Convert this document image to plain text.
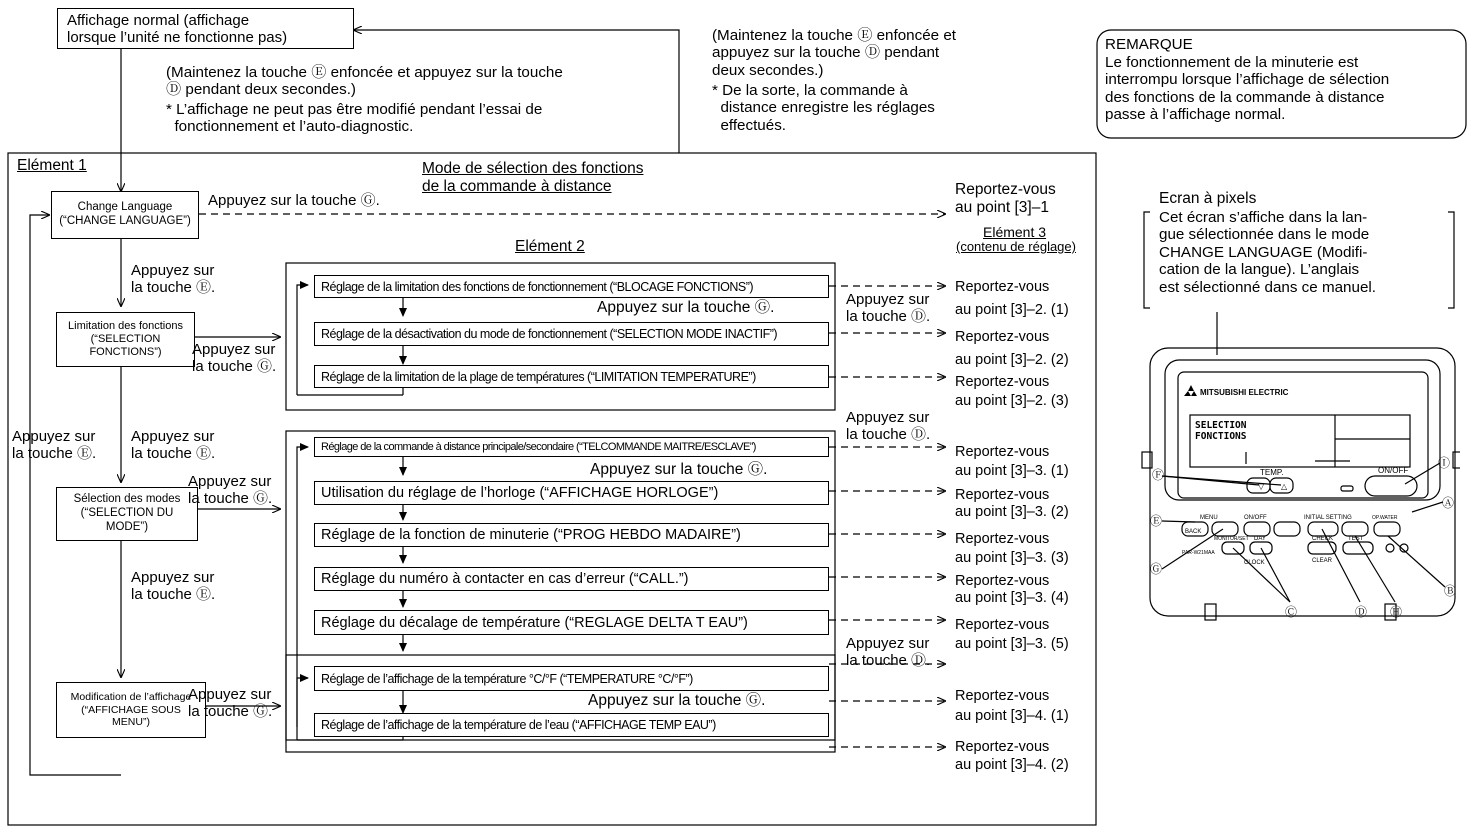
Affichage normal (affichage
lorsque l’unité ne fonctionne pas)
(Maintenez la touche Ⓔ enfoncée et appuyez sur la touche
Ⓓ pendant deux secondes.)
* L’affichage ne peut pas être modifié pendant l’essai de
fonctionnement et l’auto-diagnostic.
(Maintenez la touche Ⓔ enfoncée et
appuyez sur la touche Ⓓ pendant
deux secondes.)
* De la sorte, la commande à
distance enregistre les réglages
effectués.
REMARQUE
Le fonctionnement de la minuterie est
interrompu lorsque l’affichage de sélection
des fonctions de la commande à distance
passe à l’affichage normal.
Elément 1	Mode de sélection des fonctions
de la commande à distance
Elément 2
Elément 3
(contenu de réglage)
Change Language
(“CHANGE LANGUAGE”)
Limitation des fonctions
(“SELECTION
FONCTIONS”)
Sélection des modes
(“SELECTION DU
MODE”)
Modification de l’affichage
(“AFFICHAGE SOUS
MENU”)
Appuyez sur la touche Ⓖ.
Appuyez sur
la touche Ⓔ.
Appuyez sur
la touche Ⓖ.
Appuyez sur
la touche Ⓔ.
Appuyez sur
la touche Ⓔ.
Appuyez sur
la touche Ⓖ.
Appuyez sur
la touche Ⓔ.
Appuyez sur
la touche Ⓖ.
Appuyez sur
la touche Ⓓ.
Appuyez sur
la touche Ⓓ.
Appuyez sur
la touche Ⓓ.
Appuyez sur la touche Ⓖ.
Appuyez sur la touche Ⓖ.
Appuyez sur la touche Ⓖ.
Réglage de la limitation des fonctions de fonctionnement (“BLOCAGE FONCTIONS”)
Réglage de la désactivation du mode de fonctionnement (“SELECTION MODE INACTIF”)
Réglage de la limitation de la plage de températures (“LIMITATION TEMPERATURE”)
Réglage de la commande à distance principale/secondaire (“TELCOMMANDE MAITRE/ESCLAVE”)
Utilisation du réglage de l’horloge (“AFFICHAGE HORLOGE”)
Réglage de la fonction de minuterie (“PROG HEBDO MADAIRE”)
Réglage du numéro à contacter en cas d’erreur (“CALL.”)
Réglage du décalage de température (“REGLAGE DELTA T EAU”)
Réglage de l’affichage de la température °C/°F (“TEMPERATURE °C/°F”)
Réglage de l’affichage de la température de l’eau (“AFFICHAGE TEMP EAU”)
Reportez-vous
au point [3]–1
Reportez-vous
au point [3]–2. (1)
Reportez-vous
au point [3]–2. (2)
Reportez-vous
au point [3]–2. (3)
Reportez-vous
au point [3]–3. (1)
Reportez-vous
au point [3]–3. (2)
Reportez-vous
au point [3]–3. (3)
Reportez-vous
au point [3]–3. (4)
Reportez-vous
au point [3]–3. (5)
Reportez-vous
au point [3]–4. (1)
Reportez-vous
au point [3]–4. (2)
Ecran à pixels
Cet écran s’affiche dans la lan-
gue sélectionnée dans le mode
CHANGE LANGUAGE (Modifi-
cation de la langue). L’anglais
est sélectionné dans ce manuel.
MITSUBISHI ELECTRIC
SELECTION
FONCTIONS
TEMP.
▽ △
ON/OFF
MENU
BACK
ON/OFF	INITIAL SETTING	OP.WATER
MONITOR/SET DAY	CHECK TEST
CLOCK	CLEAR
PAR-W21MAA
Ⓕ
Ⓘ
Ⓐ
Ⓔ
Ⓖ
Ⓑ
Ⓒ	Ⓓ Ⓗ
